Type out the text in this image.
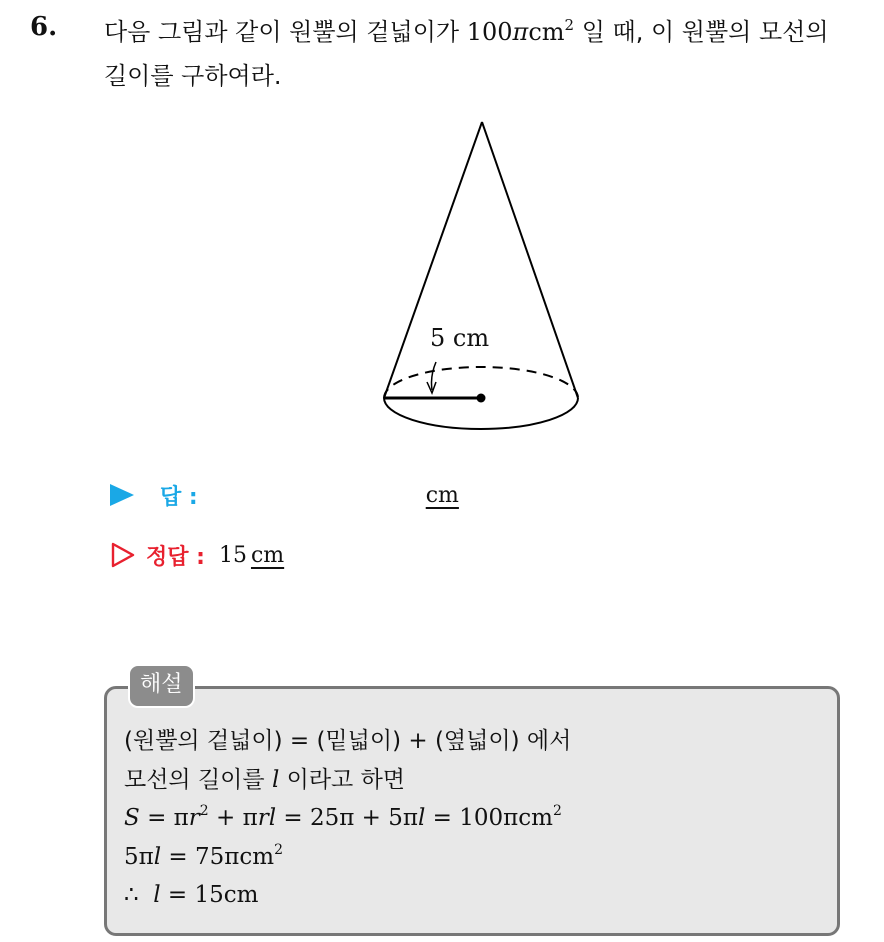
6. 다음 그림과 같이 원뿔의 겉넓이가 100πcm$^2$ 일 때, 이 원뿔의 모선의
길이를 구하여라.
5 cm
답 :	cm
정답 : 15 cm
해설
(원뿔의 겉넓이) = (밑넓이) + (옆넓이) 에서
모선의 길이를 l 이라고 하면
$S = \pi r^2 + \pi rl = 25\pi + 5\pi l = 100\pi cm^2$
5πl = 75πcm$^2$
∴  l = 15cm
